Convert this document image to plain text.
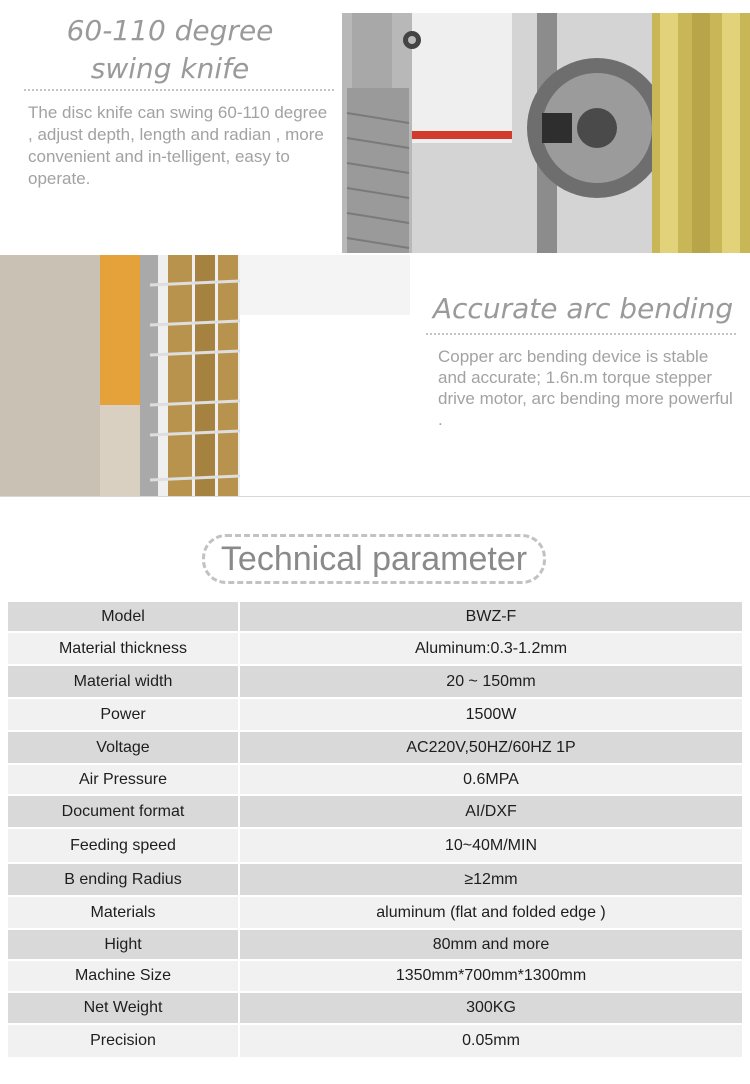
60-110 degree
swing knife
The disc knife can swing 60-110 degree , adjust depth, length and radian , more convenient and in-telligent, easy to operate.
Accurate arc bending
Copper arc bending device is stable and accurate; 1.6n.m torque stepper drive motor, arc bending more powerful .
Technical parameter
Model	BWZ-F
Material thickness	Aluminum:0.3-1.2mm
Material width	20 ~ 150mm
Power	1500W
Voltage	AC220V,50HZ/60HZ 1P
Air Pressure	0.6MPA
Document format	AI/DXF
Feeding speed	10~40M/MIN
B ending Radius	≥12mm
Materials	aluminum (flat and folded edge )
Hight	80mm and more
Machine Size	1350mm*700mm*1300mm
Net Weight	300KG
Precision	0.05mm
